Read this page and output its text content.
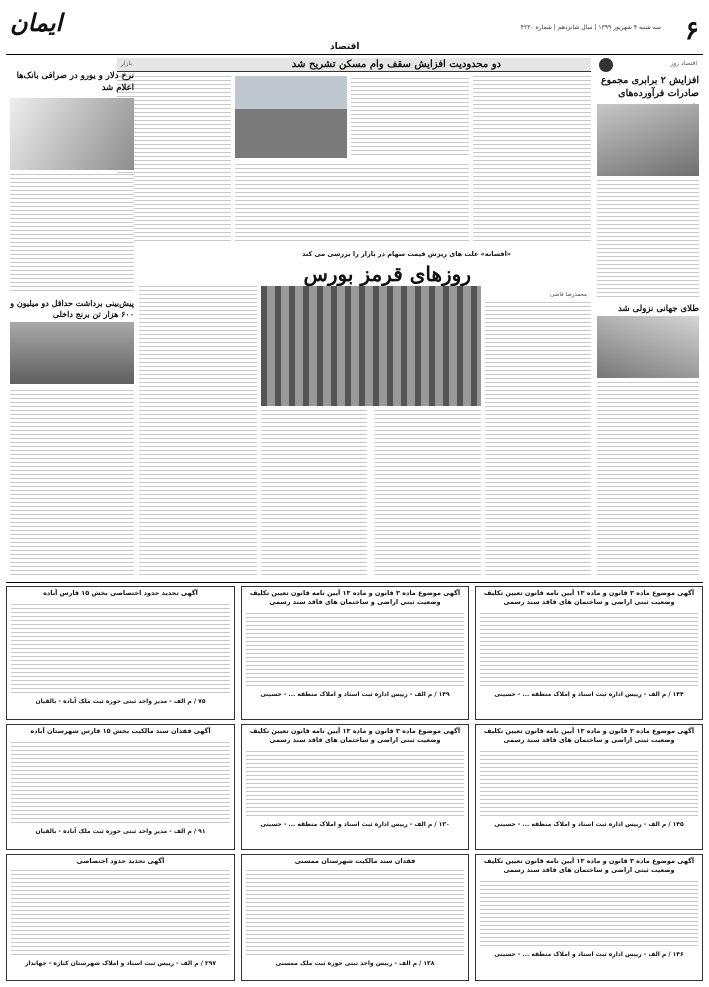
۶
سه شنبه ۴ شهریور ۱۳۹۹ | سال شانزدهم | شماره ۴۲۳۰
ایمان
اقتصاد
اقتصاد روز
افزایش ۲ برابری مجموع صادرات فرآورده‌های
طلای جهانی نزولی شد
دو محدودیت افزایش سقف وام مسکن تشریح شد
بازار
نرخ دلار و یورو در صرافی بانک‌ها اعلام شد
پیش‌بینی برداشت حداقل دو میلیون و ۶۰۰ هزار تن برنج داخلی
«افسانه» علت های ریزش قیمت سهام در بازار را بررسی می کند
روزهای قرمز بورس
محمدرضا قاضی
آگهی موضوع ماده ۳ قانون و ماده ۱۳ آیین نامه قانون تعیین تکلیف وضعیت ثبتی اراضی و ساختمان های فاقد سند رسمی
۱۴۴ / م الف - رییس اداره ثبت اسناد و املاک منطقه ... - حسینی
آگهی موضوع ماده ۳ قانون و ماده ۱۳ آیین نامه قانون تعیین تکلیف وضعیت ثبتی اراضی و ساختمان های فاقد سند رسمی
۱۴۹ / م الف - رییس اداره ثبت اسناد و املاک منطقه ... - حسینی
آگهی تحدید حدود اختصاصی بخش ۱۵ قارس آباده
۷۵ / م الف - مدیر واحد ثبتی حوزه ثبت ملک آباده - بالقیان
آگهی موضوع ماده ۳ قانون و ماده ۱۳ آیین نامه قانون تعیین تکلیف وضعیت ثبتی اراضی و ساختمان های فاقد سند رسمی
۱۴۵ / م الف - رییس اداره ثبت اسناد و املاک منطقه ... - حسینی
آگهی موضوع ماده ۳ قانون و ماده ۱۳ آیین نامه قانون تعیین تکلیف وضعیت ثبتی اراضی و ساختمان های فاقد سند رسمی
۱۳۰ / م الف - رییس اداره ثبت اسناد و املاک منطقه ... - حسینی
آگهی فقدان سند مالکیت بخش ۱۵ قارس شهرستان آباده
۹۱ / م الف - مدیر واحد ثبتی حوزه ثبت ملک آباده - بالقیان
آگهی موضوع ماده ۳ قانون و ماده ۱۳ آیین نامه قانون تعیین تکلیف وضعیت ثبتی اراضی و ساختمان های فاقد سند رسمی
۱۴۶ / م الف - رییس اداره ثبت اسناد و املاک منطقه ... - حسینی
فقدان سند مالکیت شهرستان ممسنی
۱۳۸ / م الف - رییس واحد ثبتی حوزه ثبت ملک ممسنی
آگهی تحدید حدود اختصاصی
۲۹۷ / م الف - رییس ثبت اسناد و املاک شهرستان کناره - جهاندار
